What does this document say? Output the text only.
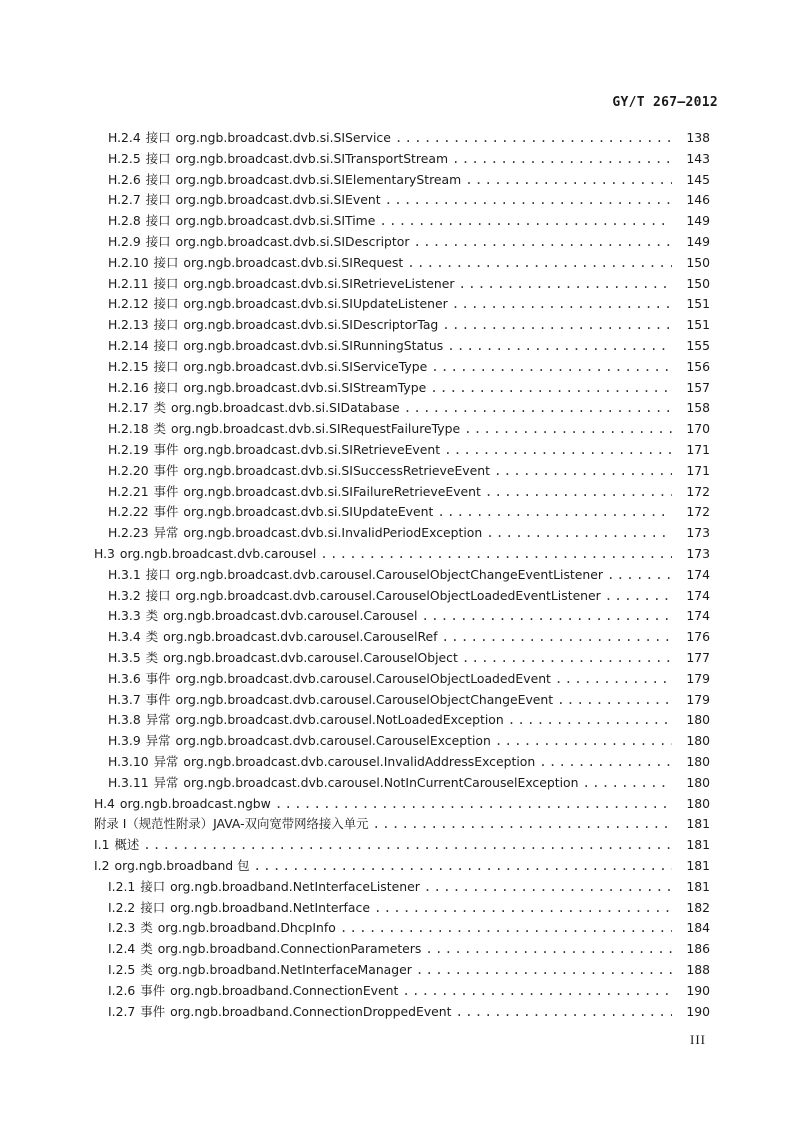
GY/T 267—2012
H.2.4 接口 org.ngb.broadcast.dvb.si.SIService .....	138
H.2.5 接口 org.ngb.broadcast.dvb.si.SITransportStream .....	143
H.2.6 接口 org.ngb.broadcast.dvb.si.SIElementaryStream .....	145
H.2.7 接口 org.ngb.broadcast.dvb.si.SIEvent .....	146
H.2.8 接口 org.ngb.broadcast.dvb.si.SITime .....	149
H.2.9 接口 org.ngb.broadcast.dvb.si.SIDescriptor .....	149
H.2.10 接口 org.ngb.broadcast.dvb.si.SIRequest .....	150
H.2.11 接口 org.ngb.broadcast.dvb.si.SIRetrieveListener .....	150
H.2.12 接口 org.ngb.broadcast.dvb.si.SIUpdateListener .....	151
H.2.13 接口 org.ngb.broadcast.dvb.si.SIDescriptorTag .....	151
H.2.14 接口 org.ngb.broadcast.dvb.si.SIRunningStatus .....	155
H.2.15 接口 org.ngb.broadcast.dvb.si.SIServiceType .....	156
H.2.16 接口 org.ngb.broadcast.dvb.si.SIStreamType .....	157
H.2.17 类 org.ngb.broadcast.dvb.si.SIDatabase .....	158
H.2.18 类 org.ngb.broadcast.dvb.si.SIRequestFailureType .....	170
H.2.19 事件 org.ngb.broadcast.dvb.si.SIRetrieveEvent .....	171
H.2.20 事件 org.ngb.broadcast.dvb.si.SISuccessRetrieveEvent .....	171
H.2.21 事件 org.ngb.broadcast.dvb.si.SIFailureRetrieveEvent .....	172
H.2.22 事件 org.ngb.broadcast.dvb.si.SIUpdateEvent .....	172
H.2.23 异常 org.ngb.broadcast.dvb.si.InvalidPeriodException .....	173
H.3 org.ngb.broadcast.dvb.carousel .....	173
H.3.1 接口 org.ngb.broadcast.dvb.carousel.CarouselObjectChangeEventListener .....	174
H.3.2 接口 org.ngb.broadcast.dvb.carousel.CarouselObjectLoadedEventListener .....	174
H.3.3 类 org.ngb.broadcast.dvb.carousel.Carousel .....	174
H.3.4 类 org.ngb.broadcast.dvb.carousel.CarouselRef .....	176
H.3.5 类 org.ngb.broadcast.dvb.carousel.CarouselObject .....	177
H.3.6 事件 org.ngb.broadcast.dvb.carousel.CarouselObjectLoadedEvent .....	179
H.3.7 事件 org.ngb.broadcast.dvb.carousel.CarouselObjectChangeEvent .....	179
H.3.8 异常 org.ngb.broadcast.dvb.carousel.NotLoadedException .....	180
H.3.9 异常 org.ngb.broadcast.dvb.carousel.CarouselException .....	180
H.3.10 异常 org.ngb.broadcast.dvb.carousel.InvalidAddressException .....	180
H.3.11 异常 org.ngb.broadcast.dvb.carousel.NotInCurrentCarouselException .....	180
H.4 org.ngb.broadcast.ngbw .....	180
附录 I（规范性附录）JAVA-双向宽带网络接入单元 .....	181
I.1 概述 .....	181
I.2 org.ngb.broadband 包 .....	181
I.2.1 接口 org.ngb.broadband.NetInterfaceListener .....	181
I.2.2 接口 org.ngb.broadband.NetInterface .....	182
I.2.3 类 org.ngb.broadband.DhcpInfo .....	184
I.2.4 类 org.ngb.broadband.ConnectionParameters .....	186
I.2.5 类 org.ngb.broadband.NetInterfaceManager .....	188
I.2.6 事件 org.ngb.broadband.ConnectionEvent .....	190
I.2.7 事件 org.ngb.broadband.ConnectionDroppedEvent .....	190
III
